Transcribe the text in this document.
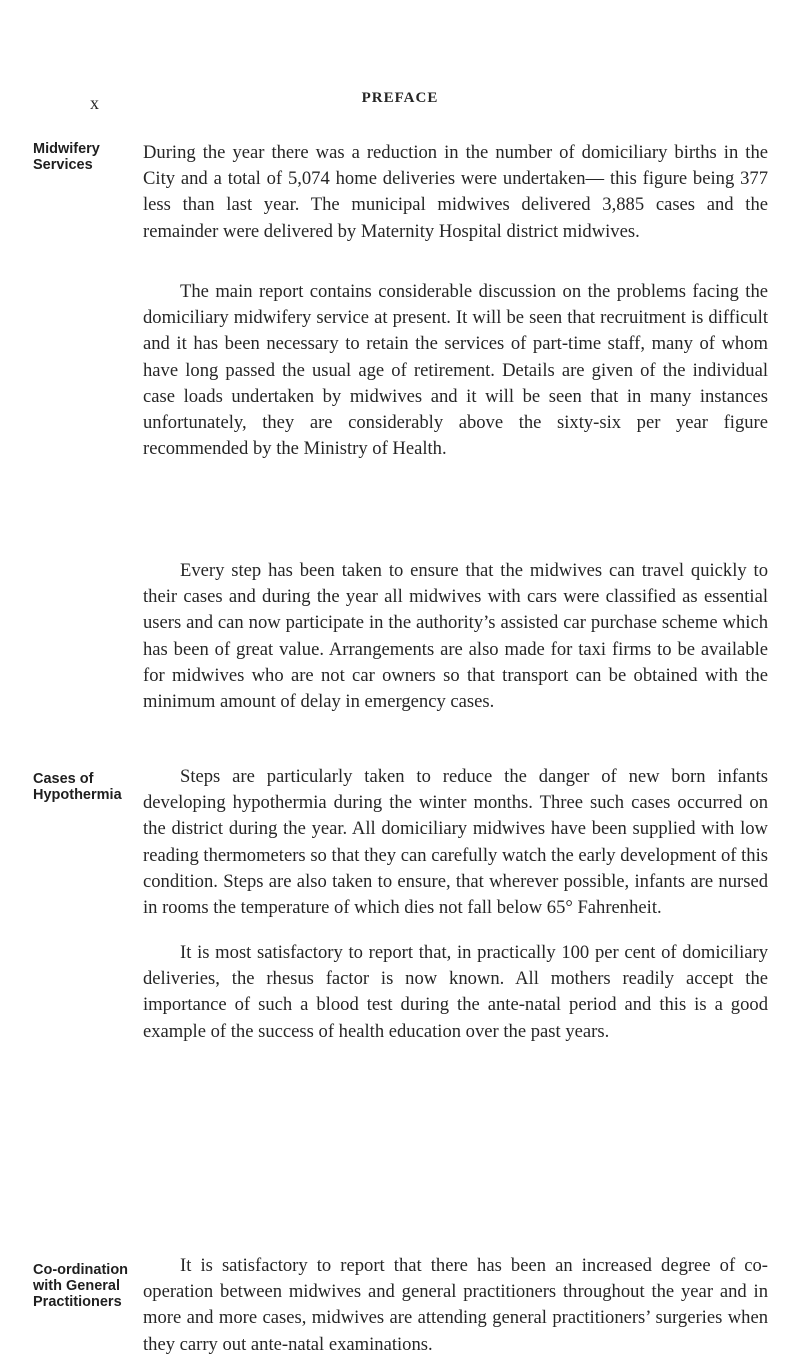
x	PREFACE
Midwifery Services
Cases of Hypothermia
Co-ordination with General Practitioners

During the year there was a reduction in the number of domiciliary births in the City and a total of 5,074 home deliveries were undertaken— this figure being 377 less than last year. The municipal midwives delivered 3,885 cases and the remainder were delivered by Maternity Hospital district midwives.

The main report contains considerable discussion on the problems facing the domiciliary midwifery service at present. It will be seen that recruitment is difficult and it has been necessary to retain the services of part-time staff, many of whom have long passed the usual age of retirement. Details are given of the individual case loads undertaken by midwives and it will be seen that in many instances unfortunately, they are considerably above the sixty-six per year figure recommended by the Ministry of Health.

Every step has been taken to ensure that the midwives can travel quickly to their cases and during the year all midwives with cars were classified as essential users and can now participate in the authority’s assisted car purchase scheme which has been of great value. Arrangements are also made for taxi firms to be available for midwives who are not car owners so that transport can be obtained with the minimum amount of delay in emergency cases.

Steps are particularly taken to reduce the danger of new born infants developing hypothermia during the winter months. Three such cases occurred on the district during the year. All domiciliary midwives have been supplied with low reading thermometers so that they can carefully watch the early development of this condition. Steps are also taken to ensure, that wherever possible, infants are nursed in rooms the temperature of which dies not fall below 65° Fahrenheit.

It is most satisfactory to report that, in practically 100 per cent of domiciliary deliveries, the rhesus factor is now known. All mothers readily accept the importance of such a blood test during the ante-natal period and this is a good example of the success of health education over the past years.

It is satisfactory to report that there has been an increased degree of co-operation between midwives and general practitioners throughout the year and in more and more cases, midwives are attending general practitioners’ surgeries when they carry out ante-natal examinations.
